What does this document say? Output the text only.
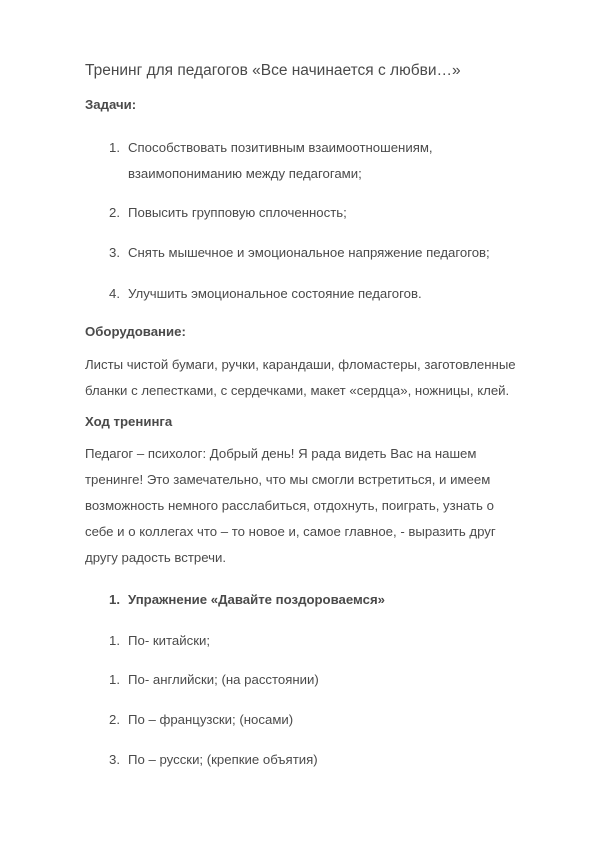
Тренинг для педагогов «Все начинается с любви…»
Задачи:
1. Способствовать позитивным взаимоотношениям,
взаимопониманию между педагогами;
2. Повысить групповую сплоченность;
3. Снять мышечное и эмоциональное напряжение педагогов;
4. Улучшить эмоциональное состояние педагогов.
Оборудование:
Листы чистой бумаги, ручки, карандаши, фломастеры, заготовленные
бланки с лепестками, с сердечками, макет «сердца», ножницы, клей.
Ход тренинга
Педагог – психолог: Добрый день! Я рада видеть Вас на нашем
тренинге! Это замечательно, что мы смогли встретиться, и имеем
возможность немного расслабиться, отдохнуть, поиграть, узнать о
себе и о коллегах что – то новое и, самое главное, - выразить друг
другу радость встречи.
1. Упражнение «Давайте поздороваемся»
1. По- китайски;
1. По- английски; (на расстоянии)
2. По – французски; (носами)
3. По – русски; (крепкие объятия)
